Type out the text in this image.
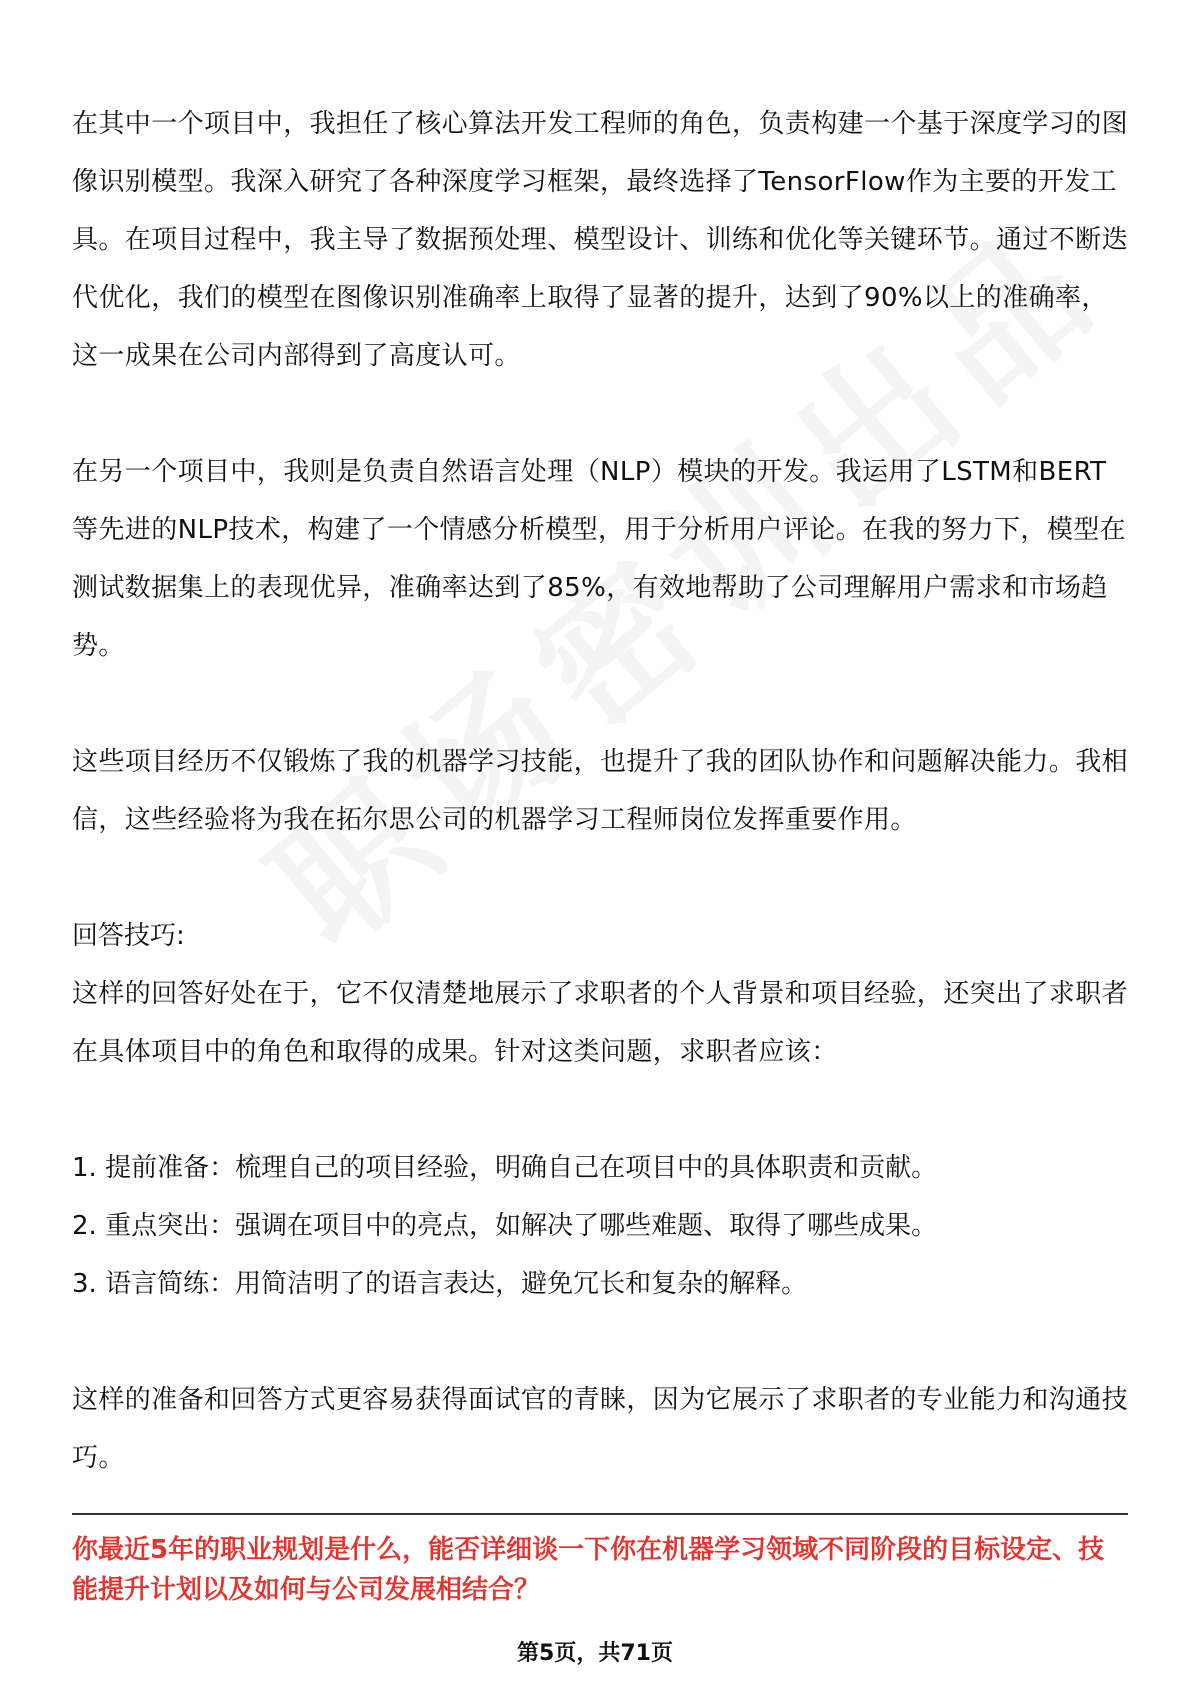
在其中一个项目中，我担任了核心算法开发工程师的角色，负责构建一个基于深度学习的图像识别模型。我深入研究了各种深度学习框架，最终选择了TensorFlow作为主要的开发工具。在项目过程中，我主导了数据预处理、模型设计、训练和优化等关键环节。通过不断迭代优化，我们的模型在图像识别准确率上取得了显著的提升，达到了90%以上的准确率，这一成果在公司内部得到了高度认可。

在另一个项目中，我则是负责自然语言处理（NLP）模块的开发。我运用了LSTM和BERT等先进的NLP技术，构建了一个情感分析模型，用于分析用户评论。在我的努力下，模型在测试数据集上的表现优异，准确率达到了85%，有效地帮助了公司理解用户需求和市场趋势。

这些项目经历不仅锻炼了我的机器学习技能，也提升了我的团队协作和问题解决能力。我相信，这些经验将为我在拓尔思公司的机器学习工程师岗位发挥重要作用。

回答技巧:

这样的回答好处在于，它不仅清楚地展示了求职者的个人背景和项目经验，还突出了求职者在具体项目中的角色和取得的成果。针对这类问题，求职者应该：

1. 提前准备：梳理自己的项目经验，明确自己在项目中的具体职责和贡献。

2. 重点突出：强调在项目中的亮点，如解决了哪些难题、取得了哪些成果。

3. 语言简练：用简洁明了的语言表达，避免冗长和复杂的解释。

这样的准备和回答方式更容易获得面试官的青睐，因为它展示了求职者的专业能力和沟通技巧。

你最近5年的职业规划是什么，能否详细谈一下你在机器学习领域不同阶段的目标设定、技能提升计划以及如何与公司发展相结合？

第5页，共71页
